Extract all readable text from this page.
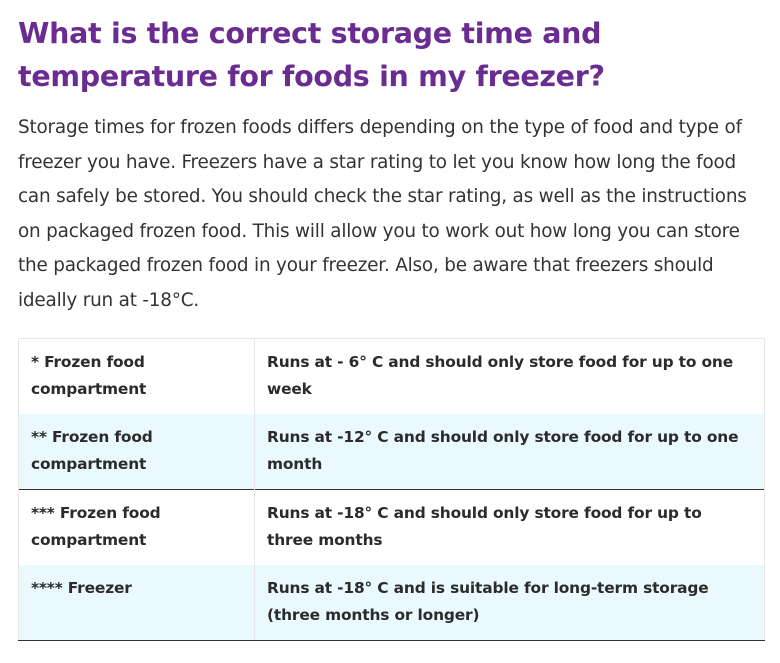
What is the correct storage time and temperature for foods in my freezer?

Storage times for frozen foods differs depending on the type of food and type of freezer you have. Freezers have a star rating to let you know how long the food can safely be stored. You should check the star rating, as well as the instructions on packaged frozen food. This will allow you to work out how long you can store the packaged frozen food in your freezer. Also, be aware that freezers should ideally run at -18°C.

* Frozen food compartment	Runs at - 6° C and should only store food for up to one week
** Frozen food compartment	Runs at -12° C and should only store food for up to one month
*** Frozen food compartment	Runs at -18° C and should only store food for up to three months
**** Freezer	Runs at -18° C and is suitable for long-term storage (three months or longer)
